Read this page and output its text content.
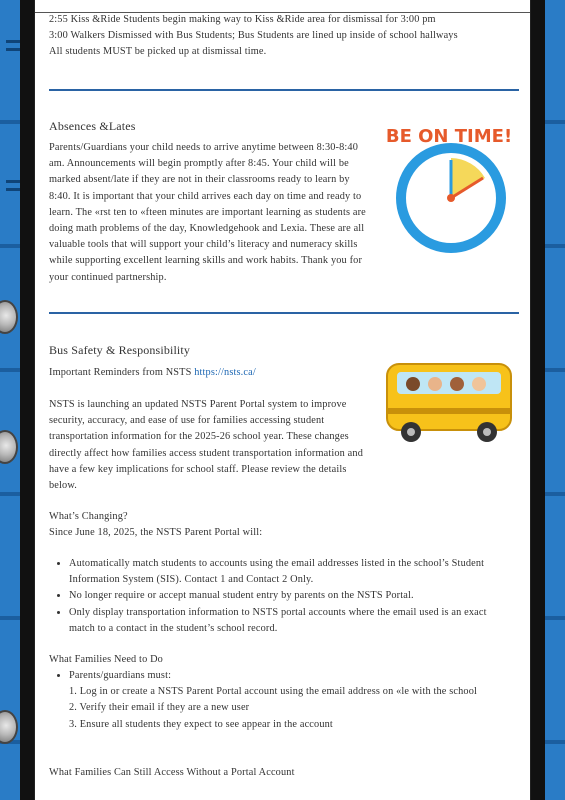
2:55 Kiss &Ride Students begin making way to Kiss &Ride area for dismissal for 3:00 pm
3:00 Walkers Dismissed with Bus Students; Bus Students are lined up inside of school hallways
All students MUST be picked up at dismissal time.
Absences &Lates
Parents/Guardians your child needs to arrive anytime between 8:30-8:40 am. Announcements will begin promptly after 8:45. Your child will be marked absent/late if they are not in their classrooms ready to learn by 8:40. It is important that your child arrives each day on time and ready to learn. The «rst ten to «fteen minutes are important learning as students are doing math problems of the day, Knowledgehook and Lexia. These are all valuable tools that will support your child’s literacy and numeracy skills while supporting excellent learning skills and work habits. Thank you for your continued partnership.
BE ON TIME!
Bus Safety & Responsibility
Important Reminders from NSTS https://nsts.ca/
NSTS is launching an updated NSTS Parent Portal system to improve security, accuracy, and ease of use for families accessing student transportation information for the 2025-26 school year. These changes directly affect how families access student transportation information and have a few key implications for school staff. Please review the details below.
What’s Changing?
Since June 18, 2025, the NSTS Parent Portal will:
• Automatically match students to accounts using the email addresses listed in the school’s Student Information System (SIS). Contact 1 and Contact 2 Only.
• No longer require or accept manual student entry by parents on the NSTS Portal.
• Only display transportation information to NSTS portal accounts where the email used is an exact match to a contact in the student’s school record.
What Families Need to Do
• Parents/guardians must:
1. Log in or create a NSTS Parent Portal account using the email address on «le with the school
2. Verify their email if they are a new user
3. Ensure all students they expect to see appear in the account
What Families Can Still Access Without a Portal Account
